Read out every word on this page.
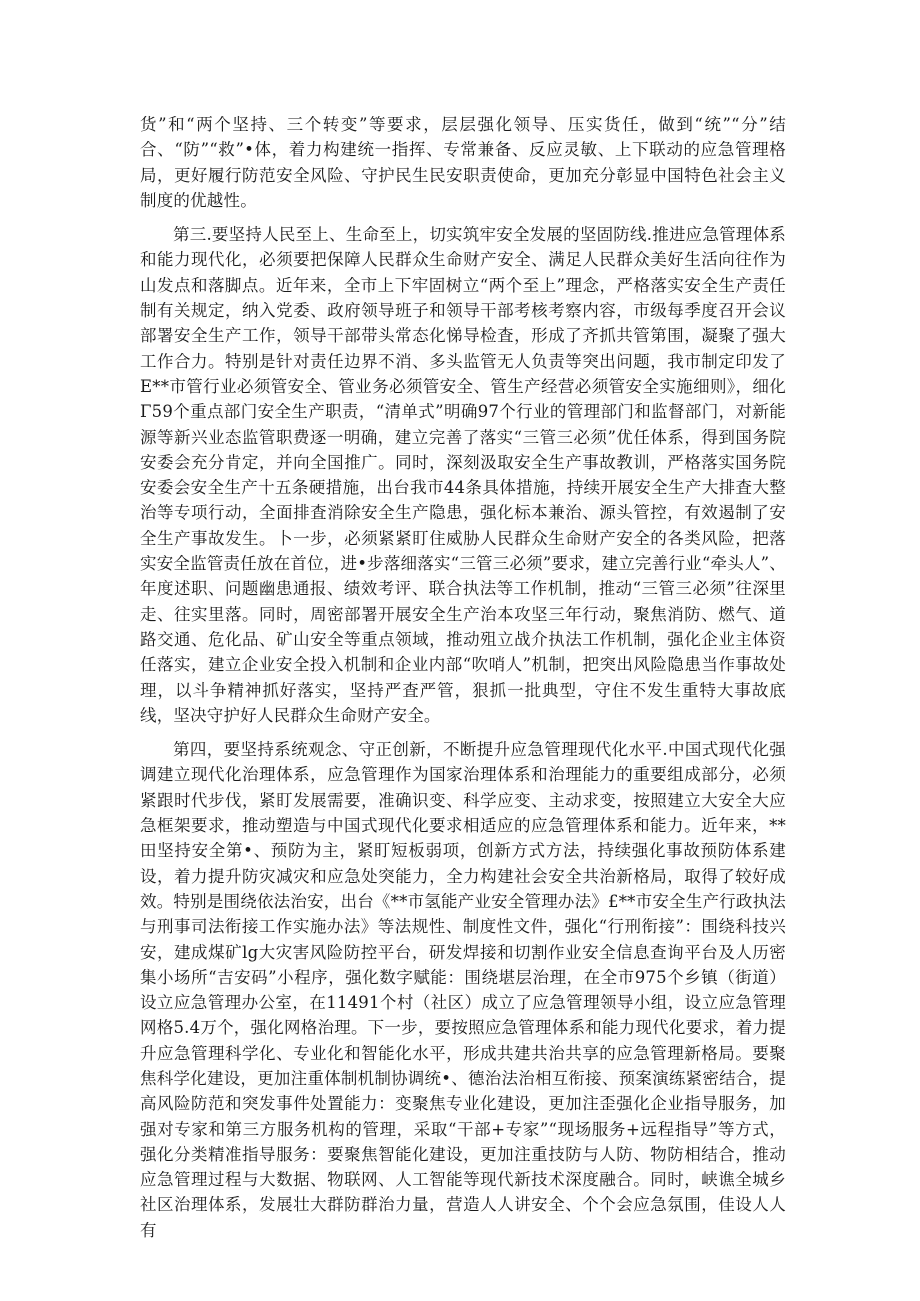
货”和“两个坚持、三个转变”等要求，层层强化领导、压实货任，做到“统”“分”结合、“防”“救”•体，着力构建统一指挥、专常兼备、反应灵敏、上下联动的应急管理格局，更好履行防范安全风险、守护民生民安职责使命，更加充分彰显中国特色社会主义制度的优越性。

第三.要坚持人民至上、生命至上，切实筑牢安全发展的坚固防线.推进应急管理体系和能力现代化，必须要把保障人民群众生命财产安全、满足人民群众美好生活向往作为山发点和落脚点。近年来，全市上下牢固树立“两个至上”理念，严格落实安全生产责任制有关规定，纳入党委、政府领导班子和领导干部考核考察内容，市级每季度召开会议部署安全生产工作，领导干部带头常态化悌导检査，形成了齐抓共管第围，凝聚了强大工作合力。特别是针对责任边界不消、多头监管无人负责等突出问题，我市制定印发了E**市管行业必须管安全、管业务必须管安全、管生产经营必须管安全实施细则》，细化Γ59个重点部门安全生产职责，“清单式”明确97个行业的管理部门和监督部门，对新能源等新兴业态监管职费逐一明确，建立完善了落实“三管三必须”优任体系，得到国务院安委会充分肯定，并向全国推广。同时，深刻汲取安全生产事故教训，严格落实国务院安委会安全生产十五条硬措施，出台我市44条具体措施，持续开展安全生产大排査大整治等专项行动，全面排査消除安全生产隐患，强化标本兼治、源头管控，有效遏制了安全生产事故发生。卜一步，必须紧紧盯住威胁人民群众生命财产安全的各类风险，把落实安全监管责任放在首位，进•步落细落实“三管三必须”要求，建立完善行业“牵头人”、年度述职、问题幽患通报、绩效考评、联合执法等工作机制，推动“三管三必须”往深里走、往实里落。同时，周密部署开展安全生产治本攻坚三年行动，聚焦消防、燃气、道路交通、危化品、矿山安全等重点领域，推动殂立战介执法工作机制，强化企业主体资任落实，建立企业安全投入机制和企业内部“吹哨人”机制，把突出风险隐患当作事故处理，以斗争精神抓好落实，坚持严査严管，狠抓一批典型，守住不发生重特大事故底线，坚决守护好人民群众生命财产安全。

第四，要坚持系统观念、守正创新，不断提升应急管理现代化水平.中国式现代化强调建立现代化治理体系，应急管理作为国家治理体系和治理能力的重要组成部分，必须紧跟时代步伐，紧盯发展需要，准确识变、科学应变、主动求变，按照建立大安全大应急框架要求，推动塑造与中国式现代化要求相适应的应急管理体系和能力。近年来，**田坚持安全第•、预防为主，紧盯短板弱项，创新方式方法，持续强化事故预防体系建设，着力提升防灾减灾和应急处突能力，全力构建社会安全共治新格局，取得了较好成效。特别是围绕依法治安，出台《**市氢能产业安全管理办法》£**市安全生产行政执法与刑事司法衔接工作实施办法》等法规性、制度性文件，强化“行刑衔接”：围绕科技兴安，建成煤矿lg大灾害风险防控平台，研发焊接和切割作业安全信息查询平台及人历密集小场所“吉安码”小程序，强化数字赋能：围绕堪层治理，在全市975个乡镇（街道）设立应急管理办公室，在11491个村（社区）成立了应急管理领导小组，设立应急管理网格5.4万个，强化网格治理。下一步，要按照应急管理体系和能力现代化要求，着力提升应急管理科学化、专业化和智能化水平，形成共建共治共享的应急管理新格局。要聚焦科学化建设，更加注重体制机制协调统•、德治法治相互衔接、预案演练紧密结合，提高风险防范和突发事件处置能力：变聚焦专业化建设，更加注歪强化企业指导服务，加强对专家和第三方服务机构的管理，采取“干部+专家”“现场服务+远程指导”等方式，强化分类精准指导服务：要聚焦智能化建设，更加注重技防与人防、物防相结合，推动应急管理过程与大数据、物联网、人工智能等现代新技术深度融合。同时，峡谯全城乡社区治理体系，发展壮大群防群治力量，营造人人讲安全、个个会应急氛围，佳设人人有
